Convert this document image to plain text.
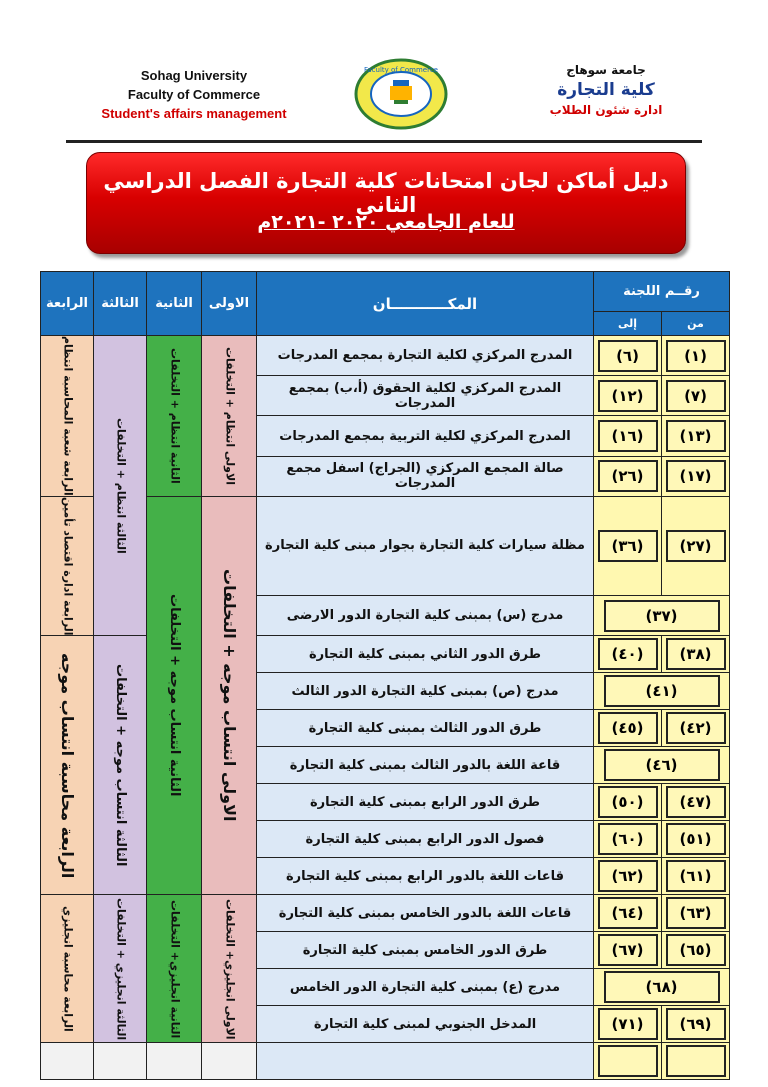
Sohag University
Faculty of Commerce
Student's affairs management
Faculty of Commerce	جامعة سوهاج
كلية التجارة
ادارة شئون الطلاب
دليل أماكن لجان امتحانات كلية التجارة الفصل الدراسي الثانى
للعام الجامعي ٢٠٢٠ -٢٠٢١م
الرابعة	الثالثة	الثانية	الاولى	المكـــــــــــان	رقــم اللجنة	
					إلى	من

الرابعة شعبة المحاسبة انتظام	الثالثة انتظام + التخلفات	الثانية انتظام + التخلفات	الاولى انتظام + التخلفات	المدرج المركزي لكلية التجارة بمجمع المدرجات	(٦)	(١)

				المدرج المركزي لكلية الحقوق (أ،ب) بمجمع المدرجات	(١٢)	(٧)

				المدرج المركزي لكلية التربية بمجمع المدرجات	(١٦)	(١٣)

				صالة المجمع المركزي (الجراج) اسفل مجمع المدرجات	(٢٦)	(١٧)

الرابعة ادارة اقتصاد تأمين		الثانية انتساب موجه + التخلفات	الاولى انتساب موجه + التخلفات	مظلة سيارات كلية التجارة بجوار مبنى كلية التجارة	(٣٦)	(٢٧)

				مدرج (س) بمبنى كلية التجارة الدور الارضى	(٣٧)	

الرابعة محاسبة انتساب موجه	الثالثة انتساب موجه + التخلفات			طرق الدور الثاني بمبنى كلية التجارة	(٤٠)	(٣٨)

				مدرج (ص) بمبنى كلية التجارة الدور الثالث	(٤١)	

				طرق الدور الثالث بمبنى كلية التجارة	(٤٥)	(٤٢)

				قاعة اللغة بالدور الثالث بمبنى كلية التجارة	(٤٦)	

				طرق الدور الرابع بمبنى كلية التجارة	(٥٠)	(٤٧)

				فصول الدور الرابع بمبنى كلية التجارة	(٦٠)	(٥١)

				قاعات اللغة بالدور الرابع بمبنى كلية التجارة	(٦٢)	(٦١)

الرابعة محاسبة انجليزي	الثالثة انجليزي + التخلفات	الثانية انجليزي+ التخلفات	الاولى انجليزي+ التخلفات	قاعات اللغة بالدور الخامس بمبنى كلية التجارة	(٦٤)	(٦٣)

				طرق الدور الخامس بمبنى كلية التجارة	(٦٧)	(٦٥)

				مدرج (ع) بمبنى كلية التجارة الدور الخامس	(٦٨)	

				المدخل الجنوبي لمبنى كلية التجارة	(٧١)	(٦٩)
